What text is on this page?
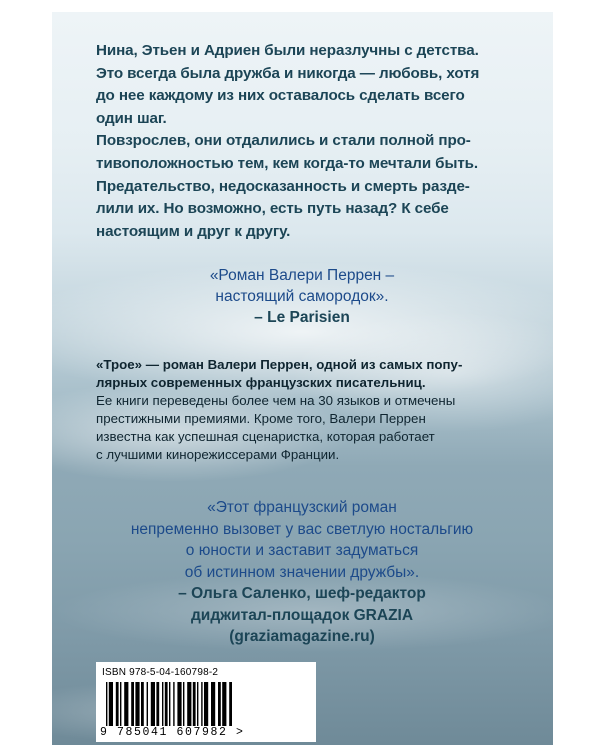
Нина, Этьен и Адриен были неразлучны с детства.

Это всегда была дружба и никогда — любовь, хотя

до нее каждому из них оставалось сделать всего

один шаг.

Повзрослев, они отдалились и стали полной про-

тивоположностью тем, кем когда-то мечтали быть.

Предательство, недосказанность и смерть разде-

лили их. Но возможно, есть путь назад? К себе

настоящим и друг к другу.

«Роман Валери Перрен –
настоящий самородок».
– Le Parisien

«Трое» — роман Валери Перрен, одной из самых попу-

лярных современных французских писательниц.

Ее книги переведены более чем на 30 языков и отмечены

престижными премиями. Кроме того, Валери Перрен

известна как успешная сценаристка, которая работает

с лучшими кинорежиссерами Франции.

«Этот французский роман
непременно вызовет у вас светлую ностальгию
о юности и заставит задуматься
об истинном значении дружбы».
– Ольга Саленко, шеф-редактор
диджитал-площадок GRAZIA
(graziamagazine.ru)
ISBN 978-5-04-160798-2
9 785041 607982 >
